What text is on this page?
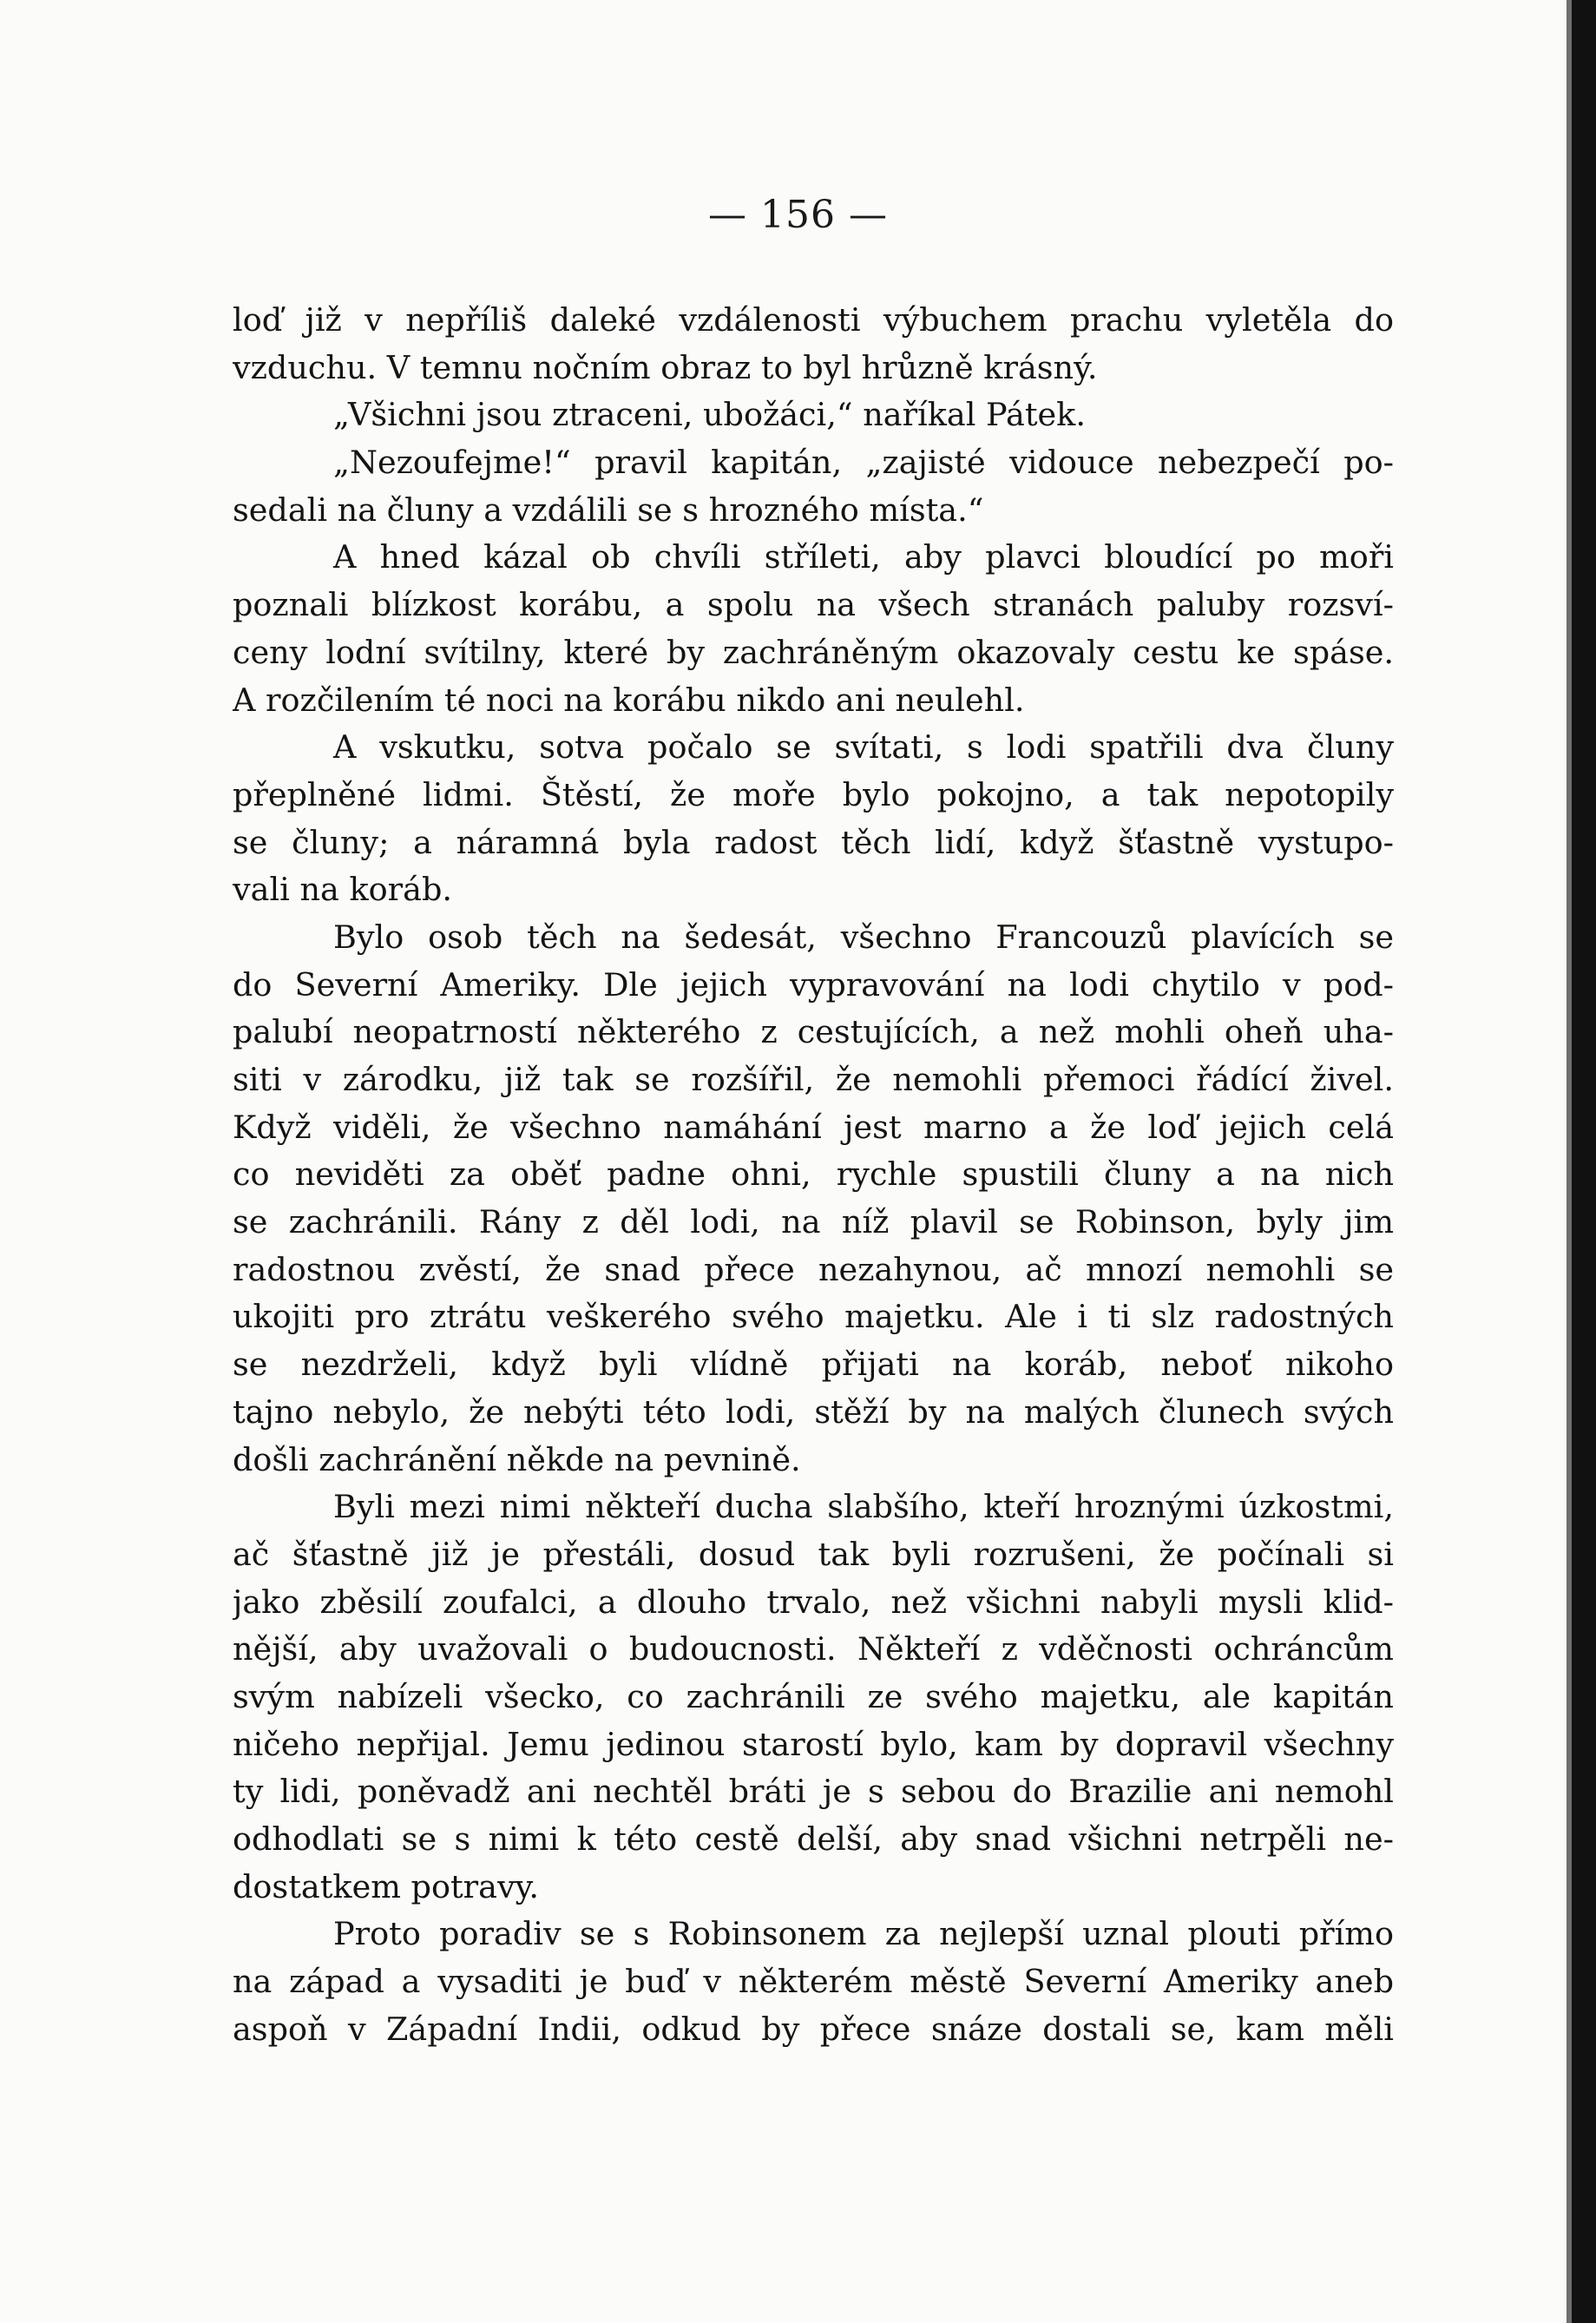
— 156 —
loď již v nepříliš daleké vzdálenosti výbuchem prachu vyletěla do
vzduchu. V temnu nočním obraz to byl hrůzně krásný.
„Všichni jsou ztraceni, ubožáci,“ naříkal Pátek.
„Nezoufejme!“ pravil kapitán, „zajisté vidouce nebezpečí po-
sedali na čluny a vzdálili se s hrozného místa.“
A hned kázal ob chvíli stříleti, aby plavci bloudící po moři
poznali blízkost korábu, a spolu na všech stranách paluby rozsví-
ceny lodní svítilny, které by zachráněným okazovaly cestu ke spáse.
A rozčilením té noci na korábu nikdo ani neulehl.
A vskutku, sotva počalo se svítati, s lodi spatřili dva čluny
přeplněné lidmi. Štěstí, že moře bylo pokojno, a tak nepotopily
se čluny; a náramná byla radost těch lidí, když šťastně vystupo-
vali na koráb.
Bylo osob těch na šedesát, všechno Francouzů plavících se
do Severní Ameriky. Dle jejich vypravování na lodi chytilo v pod-
palubí neopatrností některého z cestujících, a než mohli oheň uha-
siti v zárodku, již tak se rozšířil, že nemohli přemoci řádící živel.
Když viděli, že všechno namáhání jest marno a že loď jejich celá
co neviděti za oběť padne ohni, rychle spustili čluny a na nich
se zachránili. Rány z děl lodi, na níž plavil se Robinson, byly jim
radostnou zvěstí, že snad přece nezahynou, ač mnozí nemohli se
ukojiti pro ztrátu veškerého svého majetku. Ale i ti slz radostných
se nezdrželi, když byli vlídně přijati na koráb, neboť nikoho
tajno nebylo, že nebýti této lodi, stěží by na malých člunech svých
došli zachránění někde na pevnině.
Byli mezi nimi někteří ducha slabšího, kteří hroznými úzkostmi,
ač šťastně již je přestáli, dosud tak byli rozrušeni, že počínali si
jako zběsilí zoufalci, a dlouho trvalo, než všichni nabyli mysli klid-
nější, aby uvažovali o budoucnosti. Někteří z vděčnosti ochráncům
svým nabízeli všecko, co zachránili ze svého majetku, ale kapitán
ničeho nepřijal. Jemu jedinou starostí bylo, kam by dopravil všechny
ty lidi, poněvadž ani nechtěl bráti je s sebou do Brazilie ani nemohl
odhodlati se s nimi k této cestě delší, aby snad všichni netrpěli ne-
dostatkem potravy.
Proto poradiv se s Robinsonem za nejlepší uznal plouti přímo
na západ a vysaditi je buď v některém městě Severní Ameriky aneb
aspoň v Západní Indii, odkud by přece snáze dostali se, kam měli
